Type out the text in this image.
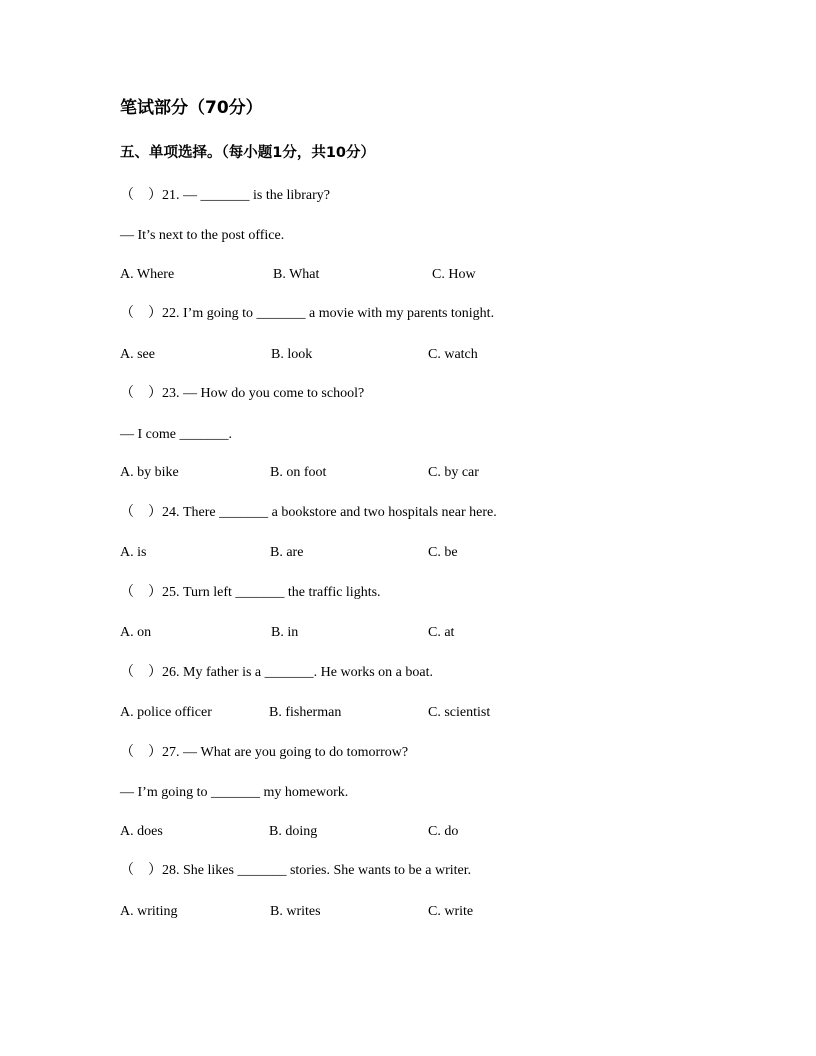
笔试部分（70分）
五、单项选择。（每小题1分，共10分）
（    ）21. — _______ is the library?
— It’s next to the post office.
A. Where	B. What	C. How
（    ）22. I’m going to _______ a movie with my parents tonight.
A. see	B. look	C. watch
（    ）23. — How do you come to school?
— I come _______.
A. by bike	B. on foot	C. by car
（    ）24. There _______ a bookstore and two hospitals near here.
A. is	B. are	C. be
（    ）25. Turn left _______ the traffic lights.
A. on	B. in	C. at
（    ）26. My father is a _______. He works on a boat.
A. police officer	B. fisherman	C. scientist
（    ）27. — What are you going to do tomorrow?
— I’m going to _______ my homework.
A. does	B. doing	C. do
（    ）28. She likes _______ stories. She wants to be a writer.
A. writing	B. writes	C. write
